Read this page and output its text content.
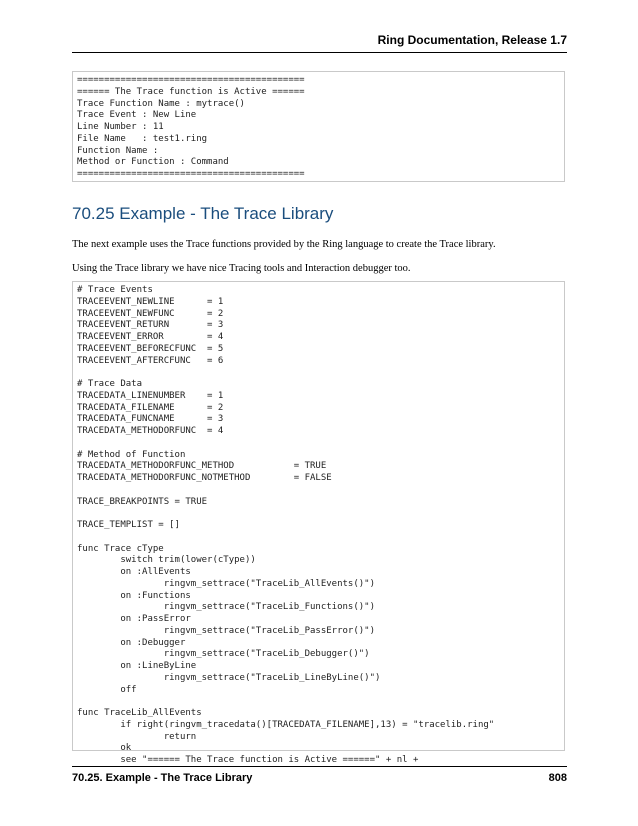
Ring Documentation, Release 1.7
==========================================
====== The Trace function is Active ======
Trace Function Name : mytrace()
Trace Event : New Line
Line Number : 11
File Name   : test1.ring
Function Name :
Method or Function : Command
==========================================
70.25 Example - The Trace Library

The next example uses the Trace functions provided by the Ring language to create the Trace library.

Using the Trace library we have nice Tracing tools and Interaction debugger too.

# Trace Events
TRACEEVENT_NEWLINE      = 1
TRACEEVENT_NEWFUNC      = 2
TRACEEVENT_RETURN       = 3
TRACEEVENT_ERROR        = 4
TRACEEVENT_BEFORECFUNC  = 5
TRACEEVENT_AFTERCFUNC   = 6

# Trace Data
TRACEDATA_LINENUMBER    = 1
TRACEDATA_FILENAME      = 2
TRACEDATA_FUNCNAME      = 3
TRACEDATA_METHODORFUNC  = 4

# Method of Function
TRACEDATA_METHODORFUNC_METHOD           = TRUE
TRACEDATA_METHODORFUNC_NOTMETHOD        = FALSE

TRACE_BREAKPOINTS = TRUE

TRACE_TEMPLIST = []

func Trace cType
switch trim(lower(cType))
on :AllEvents
ringvm_settrace("TraceLib_AllEvents()")
on :Functions
ringvm_settrace("TraceLib_Functions()")
on :PassError
ringvm_settrace("TraceLib_PassError()")
on :Debugger
ringvm_settrace("TraceLib_Debugger()")
on :LineByLine
ringvm_settrace("TraceLib_LineByLine()")
off

func TraceLib_AllEvents
if right(ringvm_tracedata()[TRACEDATA_FILENAME],13) = "tracelib.ring"
return
ok
see "====== The Trace function is Active ======" + nl +
70.25. Example - The Trace Library	808
